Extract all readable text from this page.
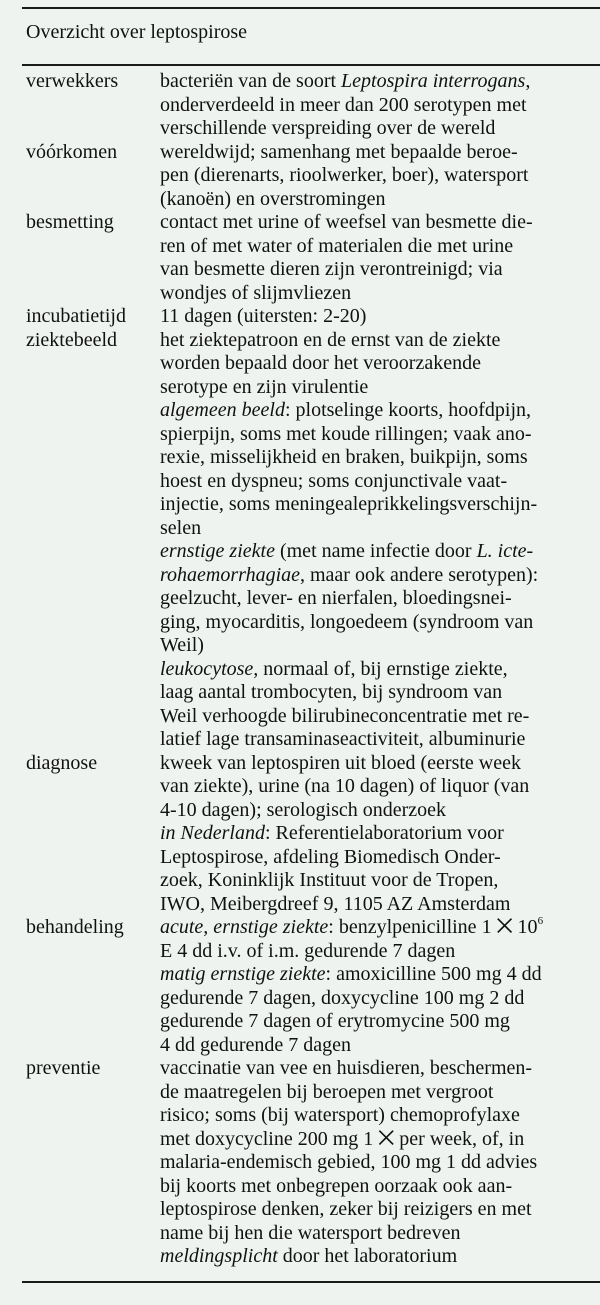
Overzicht over leptospirose
verwekkers	bacteriën van de soort Leptospira interrogans,
onderverdeeld in meer dan 200 serotypen met
verschillende verspreiding over de wereld
vóórkomen	wereldwijd; samenhang met bepaalde beroe-
pen (dierenarts, rioolwerker, boer), watersport
(kanoën) en overstromingen
besmetting	contact met urine of weefsel van besmette die-
ren of met water of materialen die met urine
van besmette dieren zijn verontreinigd; via
wondjes of slijmvliezen
incubatietijd	11 dagen (uitersten: 2-20)
ziektebeeld	het ziektepatroon en de ernst van de ziekte
worden bepaald door het veroorzakende
serotype en zijn virulentie
algemeen beeld: plotselinge koorts, hoofdpijn,
spierpijn, soms met koude rillingen; vaak ano-
rexie, misselijkheid en braken, buikpijn, soms
hoest en dyspneu; soms conjunctivale vaat-
injectie, soms meningealeprikkelingsverschijn-
selen
ernstige ziekte (met name infectie door L. icte-
rohaemorrhagiae, maar ook andere serotypen):
geelzucht, lever- en nierfalen, bloedingsnei-
ging, myocarditis, longoedeem (syndroom van
Weil)
leukocytose, normaal of, bij ernstige ziekte,
laag aantal trombocyten, bij syndroom van
Weil verhoogde bilirubineconcentratie met re-
latief lage transaminaseactiviteit, albuminurie
diagnose	kweek van leptospiren uit bloed (eerste week
van ziekte), urine (na 10 dagen) of liquor (van
4-10 dagen); serologisch onderzoek
in Nederland: Referentielaboratorium voor
Leptospirose, afdeling Biomedisch Onder-
zoek, Koninklijk Instituut voor de Tropen,
IWO, Meibergdreef 9, 1105 AZ Amsterdam
behandeling	acute, ernstige ziekte: benzylpenicilline 1 ⨉ $10^6$
E 4 dd i.v. of i.m. gedurende 7 dagen
matig ernstige ziekte: amoxicilline 500 mg 4 dd
gedurende 7 dagen, doxycycline 100 mg 2 dd
gedurende 7 dagen of erytromycine 500 mg
4 dd gedurende 7 dagen
preventie	vaccinatie van vee en huisdieren, beschermen-
de maatregelen bij beroepen met vergroot
risico; soms (bij watersport) chemoprofylaxe
met doxycycline 200 mg 1 ⨉ per week, of, in
malaria-endemisch gebied, 100 mg 1 dd advies
bij koorts met onbegrepen oorzaak ook aan-
leptospirose denken, zeker bij reizigers en met
name bij hen die watersport bedreven
meldingsplicht door het laboratorium
